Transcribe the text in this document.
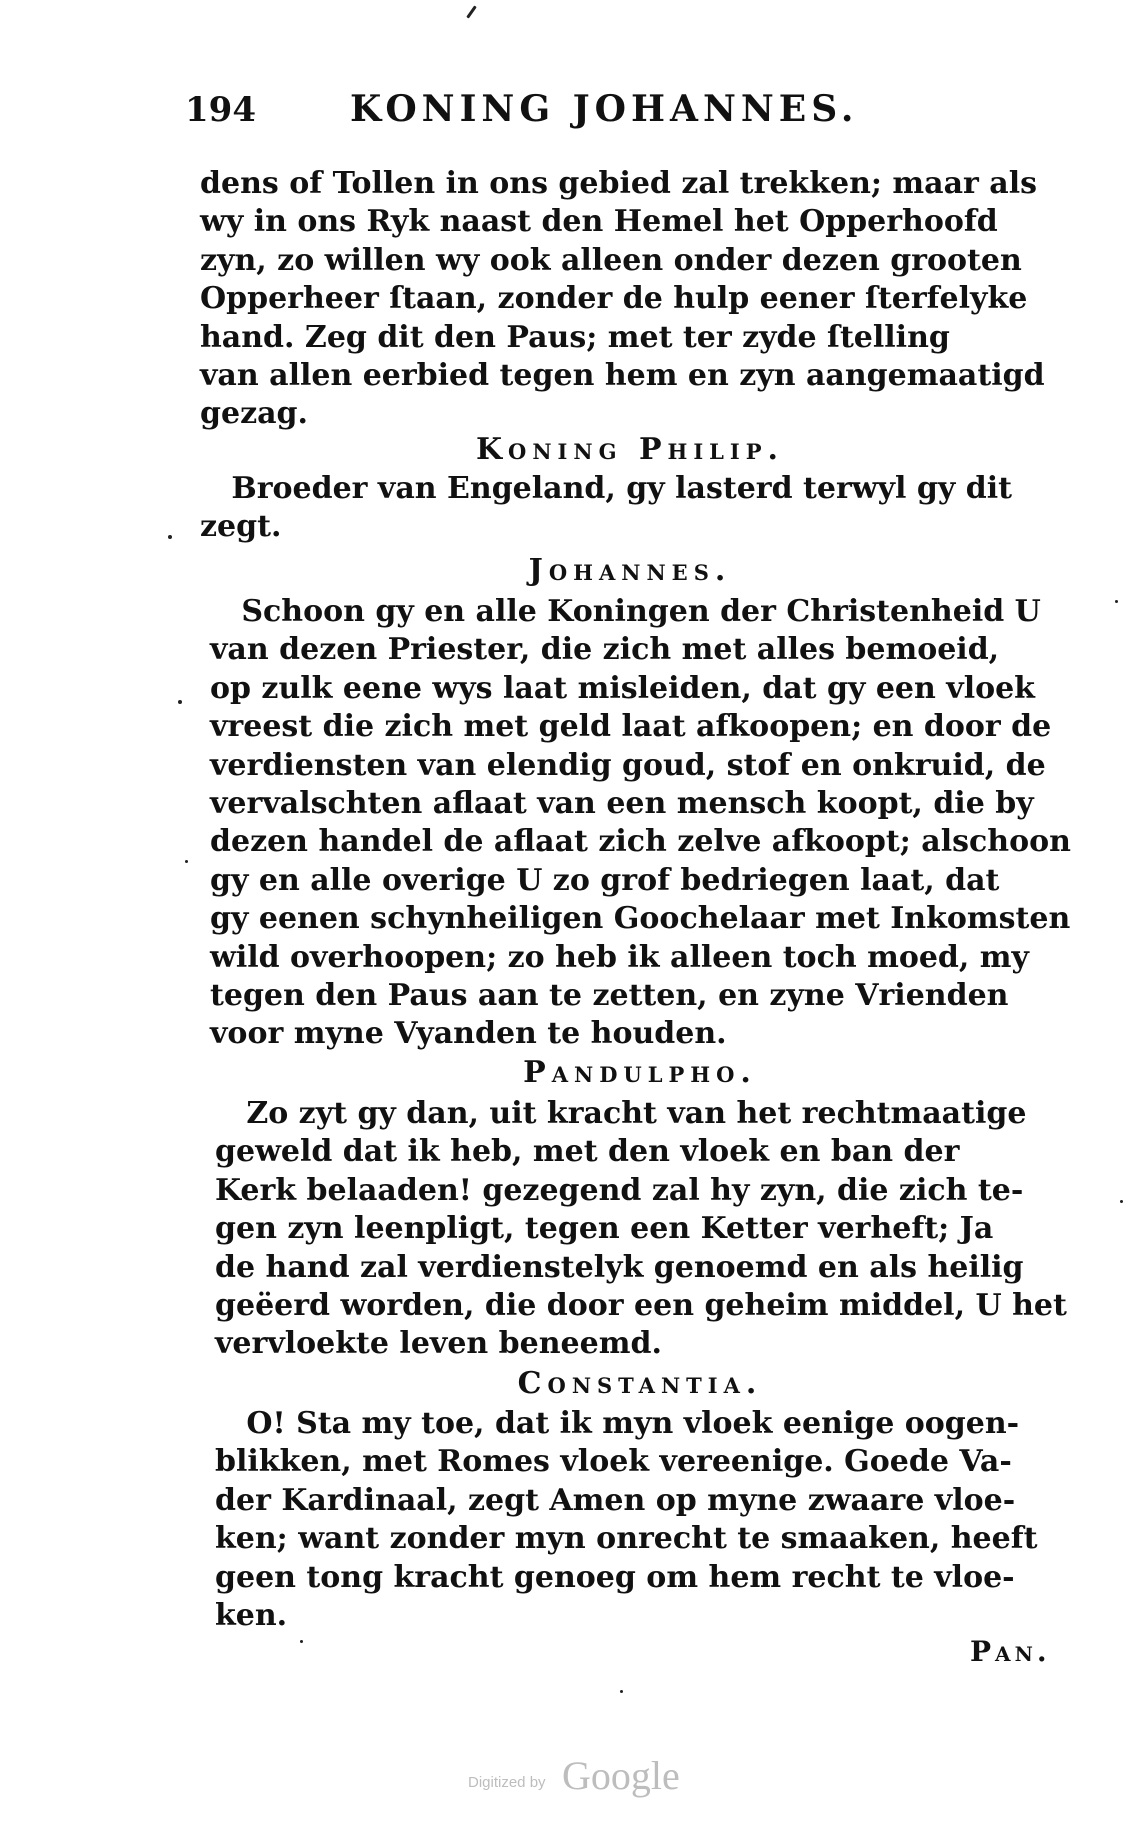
194	KONING JOHANNES.
dens of Tollen in ons gebied zal trekken; maar als
wy in ons Ryk naast den Hemel het Opperhoofd
zyn, zo willen wy ook alleen onder dezen grooten
Opperheer ſtaan, zonder de hulp eener ſterfelyke
hand. Zeg dit den Paus; met ter zyde ſtelling
van allen eerbied tegen hem en zyn aangemaatigd
gezag.
Koning Philip.
Broeder van Engeland, gy lasterd terwyl gy dit
zegt.
Johannes.
Schoon gy en alle Koningen der Christenheid U
van dezen Priester, die zich met alles bemoeid,
op zulk eene wys laat misleiden, dat gy een vloek
vreest die zich met geld laat afkoopen; en door de
verdiensten van elendig goud, stof en onkruid, de
vervalschten aflaat van een mensch koopt, die by
dezen handel de aflaat zich zelve afkoopt; alschoon
gy en alle overige U zo grof bedriegen laat, dat
gy eenen schynheiligen Goochelaar met Inkomsten
wild overhoopen; zo heb ik alleen toch moed, my
tegen den Paus aan te zetten, en zyne Vrienden
voor myne Vyanden te houden.
Pandulpho.
Zo zyt gy dan, uit kracht van het rechtmaatige
geweld dat ik heb, met den vloek en ban der
Kerk belaaden! gezegend zal hy zyn, die zich te-
gen zyn leenpligt, tegen een Ketter verheft; Ja
de hand zal verdienstelyk genoemd en als heilig
geëerd worden, die door een geheim middel, U het
vervloekte leven beneemd.
Constantia.
O! Sta my toe, dat ik myn vloek eenige oogen-
blikken, met Romes vloek vereenige. Goede Va-
der Kardinaal, zegt Amen op myne zwaare vloe-
ken; want zonder myn onrecht te smaaken, heeft
geen tong kracht genoeg om hem recht te vloe-
ken.
Pan.
Digitized by Google
